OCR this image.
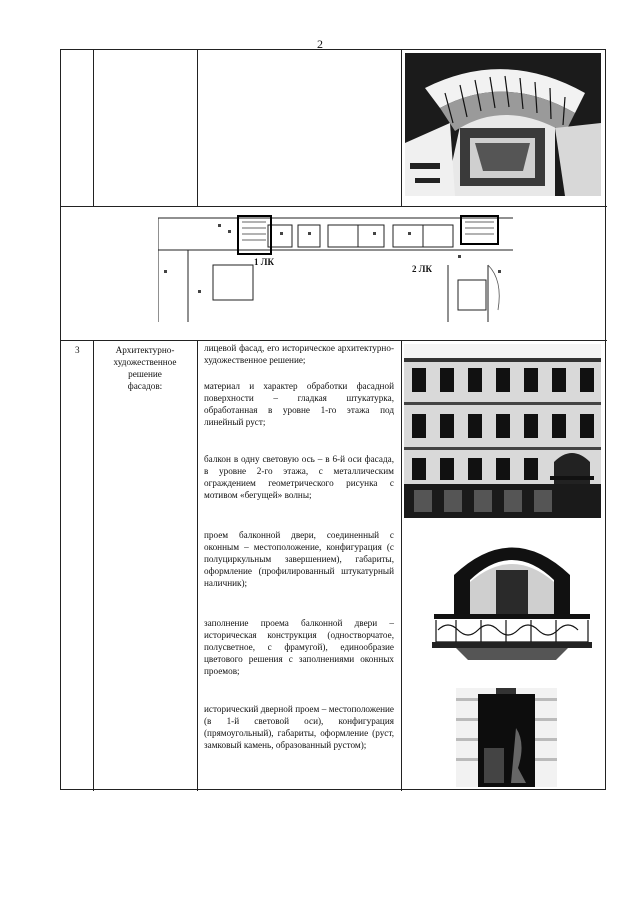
2
1 ЛК
2 ЛК
3	Архитектурно-
художественное
решение
фасадов:
лицевой фасад, его историческое архитектурно-художественное решение;
материал и характер обработки фасадной поверхности – гладкая штукатурка, обработанная в уровне 1-го этажа под линейный руст;
балкон в одну световую ось – в 6-й оси фасада, в уровне 2-го этажа, с металлическим ограждением геометрического рисунка с мотивом «бегущей» волны;
проем балконной двери, соединенный с оконным – местоположение, конфигурация (с полуциркульным завершением), габариты, оформление (профилированный штукатурный наличник);
заполнение проема балконной двери – историческая конструкция (одностворчатое, полусветное, с фрамугой), единообразие цветового решения с заполнениями оконных проемов;
исторический дверной проем – местоположение (в 1-й световой оси), конфигурация (прямоугольный), габариты, оформление (руст, замковый камень, образованный рустом);
